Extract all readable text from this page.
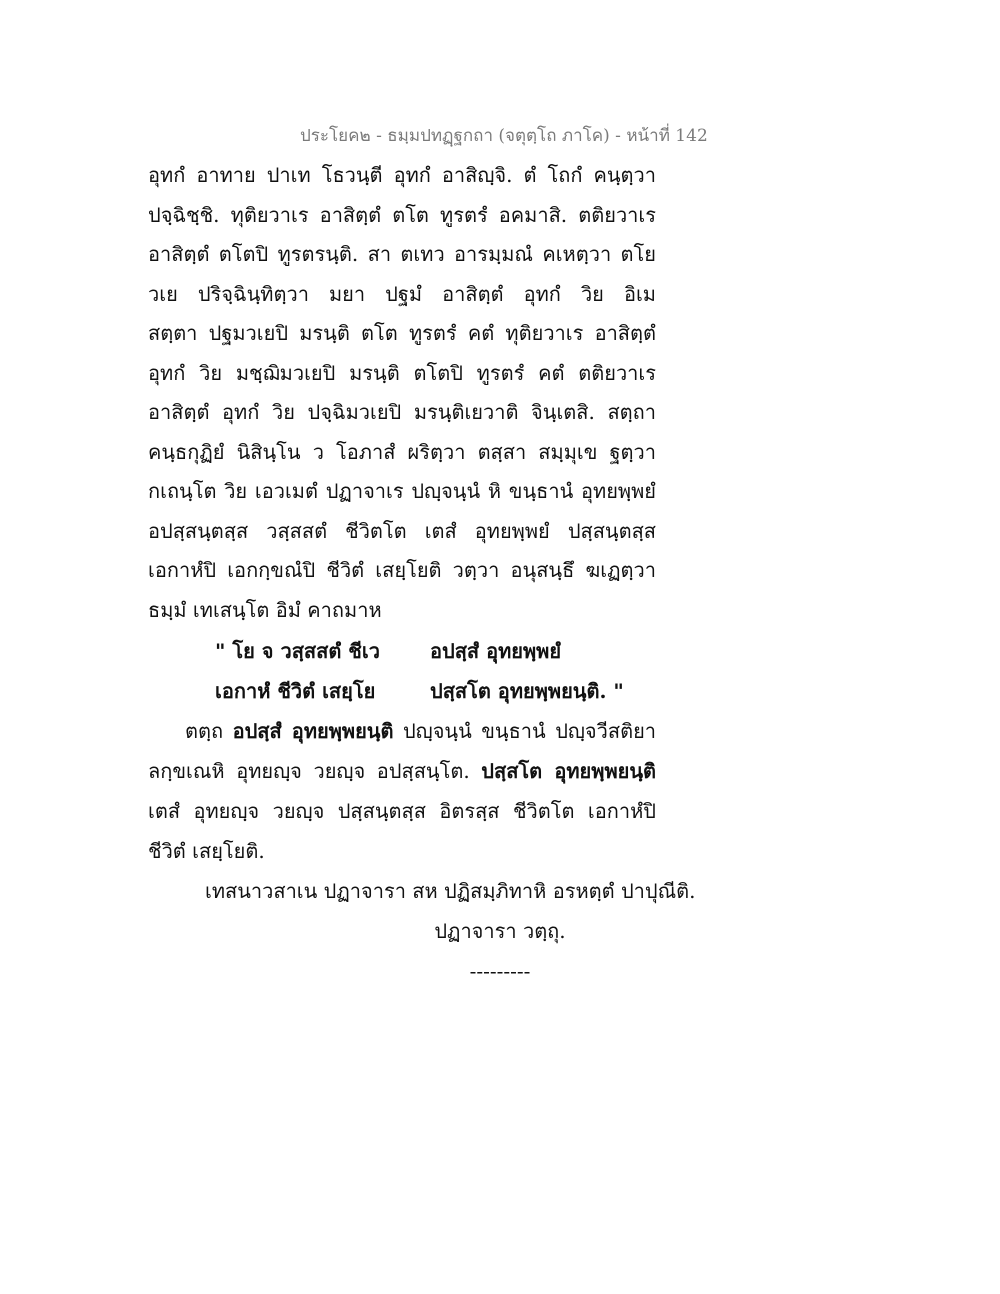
ประโยค๒ - ธมฺมปทฏฺฐกถา (จตุตฺโถ ภาโค) - หน้าที่ 142
อุทกํ อาทาย ปาเท โธวนฺตี อุทกํ อาสิญฺจิ. ตํ โถกํ คนฺตฺวา
ปจฺฉิชฺชิ. ทุติยวาเร อาสิตฺตํ ตโต ทูรตรํ อคมาสิ. ตติยวาเร
อาสิตฺตํ ตโตปิ ทูรตรนฺติ. สา ตเทว อารมฺมณํ คเหตฺวา ตโย
วเย ปริจฺฉินฺทิตฺวา มยา ปฐมํ อาสิตฺตํ อุทกํ วิย อิเม
สตฺตา ปฐมวเยปิ มรนฺติ ตโต ทูรตรํ คตํ ทุติยวาเร อาสิตฺตํ
อุทกํ วิย มชฺฌิมวเยปิ มรนฺติ ตโตปิ ทูรตรํ คตํ ตติยวาเร
อาสิตฺตํ อุทกํ วิย ปจฺฉิมวเยปิ มรนฺติเยวาติ จินฺเตสิ. สตฺถา
คนฺธกุฏิยํ นิสินฺโน ว โอภาสํ ผริตฺวา ตสฺสา สมฺมุเข ฐตฺวา
กเถนฺโต วิย เอวเมตํ ปฏาจาเร ปญฺจนฺนํ หิ ขนฺธานํ อุทยพฺพยํ
อปสฺสนฺตสฺส วสฺสสตํ ชีวิตโต เตสํ อุทยพฺพยํ ปสฺสนฺตสฺส
เอกาหํปิ เอกกฺขณํปิ ชีวิตํ เสยฺโยติ วตฺวา อนุสนฺธึ ฆเฏตฺวา
ธมฺมํ เทเสนฺโต อิมํ คาถมาห
" โย จ วสฺสสตํ ชีเว	อปสฺสํ อุทยพฺพยํ
เอกาหํ ชีวิตํ เสยฺโย	ปสฺสโต อุทยพฺพยนฺติ. "
ตตฺถ อปสฺสํ อุทยพฺพยนฺติ ปญฺจนฺนํ ขนฺธานํ ปญฺจวีสติยา
ลกฺขเณหิ อุทยญฺจ วยญฺจ อปสฺสนฺโต. ปสฺสโต อุทยพฺพยนฺติ
เตสํ อุทยญฺจ วยญฺจ ปสฺสนฺตสฺส อิตรสฺส ชีวิตโต เอกาหํปิ
ชีวิตํ เสยฺโยติ.
เทสนาวสาเน ปฏาจารา สห ปฏิสมฺภิทาหิ อรหตฺตํ ปาปุณีติ.
ปฏาจารา วตฺถุ.
---------
